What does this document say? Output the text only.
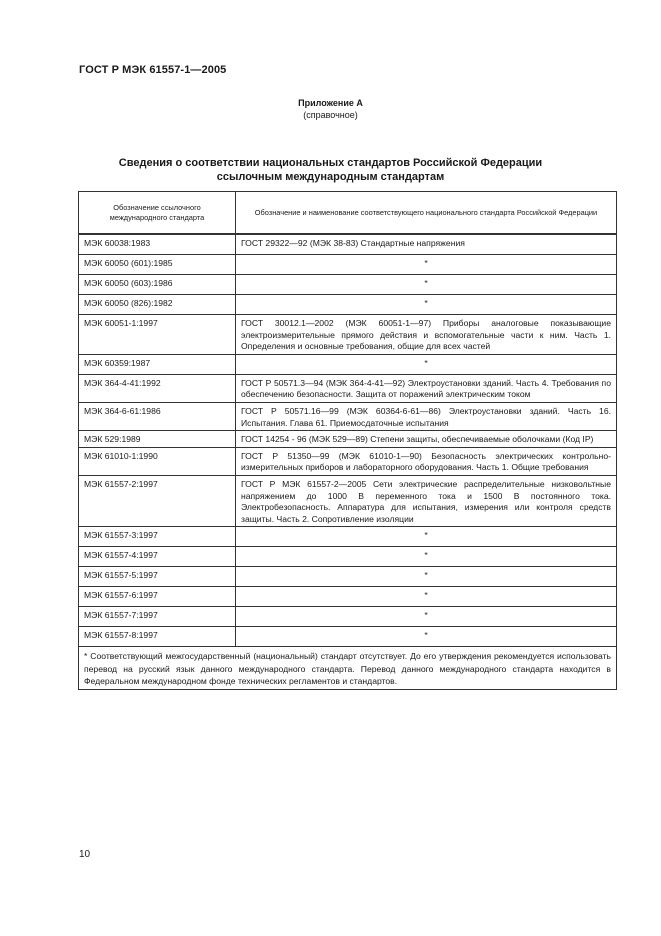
ГОСТ Р МЭК 61557-1—2005
Приложение А
(справочное)
Сведения о соответствии национальных стандартов Российской Федерации
ссылочным международным стандартам
Обозначение ссылочного международного стандарта	Обозначение и наименование соответствующего национального стандарта Российской Федерации
МЭК 60038:1983	ГОСТ 29322—92 (МЭК 38-83) Стандартные напряжения
МЭК 60050 (601):1985	*
МЭК 60050 (603):1986	*
МЭК 60050 (826):1982	*
МЭК 60051-1:1997	ГОСТ 30012.1—2002 (МЭК 60051-1—97) Приборы аналоговые показывающие электроизмерительные прямого действия и вспомогательные части к ним. Часть 1. Определения и основные требования, общие для всех частей
МЭК 60359:1987	*
МЭК 364-4-41:1992	ГОСТ Р 50571.3—94 (МЭК 364-4-41—92) Электроустановки зданий. Часть 4. Требования по обеспечению безопасности. Защита от поражений электрическим током
МЭК 364-6-61:1986	ГОСТ Р 50571.16—99 (МЭК 60364-6-61—86) Электроустановки зданий. Часть 16. Испытания. Глава 61. Приемосдаточные испытания
МЭК 529:1989	ГОСТ 14254 - 96 (МЭК 529—89) Степени защиты, обеспечиваемые оболочками (Код IP)
МЭК 61010-1:1990	ГОСТ Р 51350—99 (МЭК 61010-1—90) Безопасность электрических контрольно-измерительных приборов и лабораторного оборудования. Часть 1. Общие требования
МЭК 61557-2:1997	ГОСТ Р МЭК 61557-2—2005 Сети электрические распределительные низковольтные напряжением до 1000 В переменного тока и 1500 В постоянного тока. Электробезопасность. Аппаратура для испытания, измерения или контроля средств защиты. Часть 2. Сопротивление изоляции
МЭК 61557-3:1997	*
МЭК 61557-4:1997	*
МЭК 61557-5:1997	*
МЭК 61557-6:1997	*
МЭК 61557-7:1997	*
МЭК 61557-8:1997	*
* Соответствующий межгосударственный (национальный) стандарт отсутствует. До его утверждения рекомендуется использовать перевод на русский язык данного международного стандарта. Перевод данного международного стандарта находится в Федеральном международном фонде технических регламентов и стандартов.	
10
